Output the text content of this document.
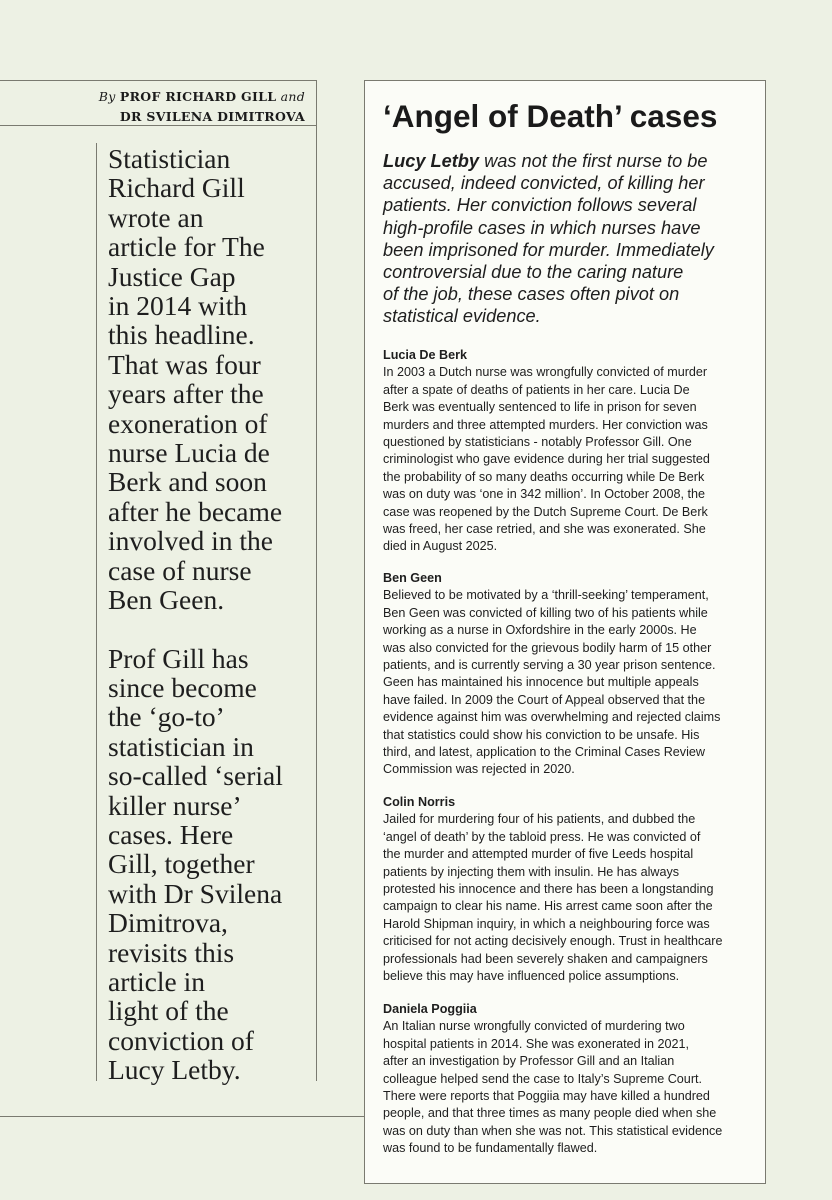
By PROF RICHARD GILL and
DR SVILENA DIMITROVA

Statistician
Richard Gill
wrote an
article for The
Justice Gap
in 2014 with
this headline.
That was four
years after the
exoneration of
nurse Lucia de
Berk and soon
after he became
involved in the
case of nurse
Ben Geen.

Prof Gill has
since become
the ‘go-to’
statistician in
so-called ‘serial
killer nurse’
cases. Here
Gill, together
with Dr Svilena
Dimitrova,
revisits this
article in
light of the
conviction of
Lucy Letby.

‘Angel of Death’ cases
Lucy Letby was not the first nurse to be
accused, indeed convicted, of killing her
patients. Her conviction follows several
high-profile cases in which nurses have
been imprisoned for murder. Immediately
controversial due to the caring nature
of the job, these cases often pivot on
statistical evidence.
Lucia De Berk
In 2003 a Dutch nurse was wrongfully convicted of murder
after a spate of deaths of patients in her care. Lucia De
Berk was eventually sentenced to life in prison for seven
murders and three attempted murders. Her conviction was
questioned by statisticians - notably Professor Gill. One
criminologist who gave evidence during her trial suggested
the probability of so many deaths occurring while De Berk
was on duty was ‘one in 342 million’. In October 2008, the
case was reopened by the Dutch Supreme Court. De Berk
was freed, her case retried, and she was exonerated. She
died in August 2025.
Ben Geen
Believed to be motivated by a ‘thrill-seeking’ temperament,
Ben Geen was convicted of killing two of his patients while
working as a nurse in Oxfordshire in the early 2000s. He
was also convicted for the grievous bodily harm of 15 other
patients, and is currently serving a 30 year prison sentence.
Geen has maintained his innocence but multiple appeals
have failed. In 2009 the Court of Appeal observed that the
evidence against him was overwhelming and rejected claims
that statistics could show his conviction to be unsafe. His
third, and latest, application to the Criminal Cases Review
Commission was rejected in 2020.
Colin Norris
Jailed for murdering four of his patients, and dubbed the
‘angel of death’ by the tabloid press. He was convicted of
the murder and attempted murder of five Leeds hospital
patients by injecting them with insulin. He has always
protested his innocence and there has been a longstanding
campaign to clear his name. His arrest came soon after the
Harold Shipman inquiry, in which a neighbouring force was
criticised for not acting decisively enough. Trust in healthcare
professionals had been severely shaken and campaigners
believe this may have influenced police assumptions.
Daniela Poggiia
An Italian nurse wrongfully convicted of murdering two
hospital patients in 2014. She was exonerated in 2021,
after an investigation by Professor Gill and an Italian
colleague helped send the case to Italy’s Supreme Court.
There were reports that Poggiia may have killed a hundred
people, and that three times as many people died when she
was on duty than when she was not. This statistical evidence
was found to be fundamentally flawed.
